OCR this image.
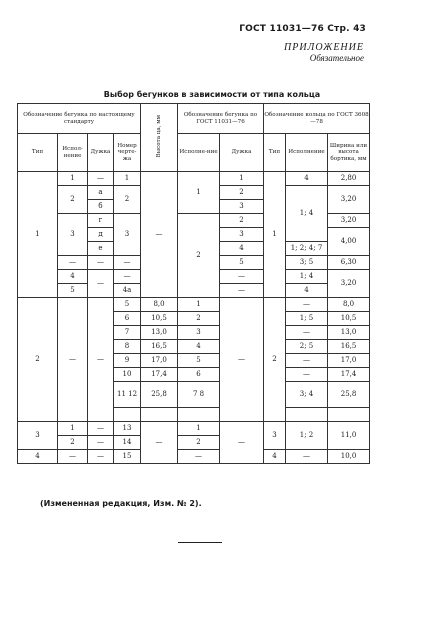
ГОСТ 11031—76 Стр. 43
ПРИЛОЖЕНИЕ
Обязательное
Выбор бегунков в зависимости от типа кольца
Обозначение бегунка по настоящему стандарту				Высота ца, мм	Обозначение бегунка по ГОСТ 11031—76		Обозначение кольца по ГОСТ 3608—78		
Тип	Испол-нение	Дужка	Номер черте-жа		Исполне-ние	Дужка	Тип	Исполнение	Ширина или высота бортика, мм
1	1	—	1	—	1	1	1	4	2,80
	2	а	2			2		1; 4	3,20
		б				3			
	3	г	3		2	2			3,20
		д				3			4,00
		е				4		1; 2; 4; 7	
	—	—	—			5		3; 5	6,30
	4	—	—			—		1; 4	3,20
	5		4а			—		4	
2	—	—	5	8,0	1	—	2	—	8,0
			6	10,5	2			1; 5	10,5
			7	13,0	3			—	13,0
			8	16,5	4			2; 5	16,5
			9	17,0	5			—	17,0
			10	17,4	6			—	17,4
			11 12	25,8	7 8			3; 4	25,8

3	1	—	13	—	1	—	3	1; 2	11,0
	2	—	14		2				
4	—	—	15		—		4	—	10,0
(Измененная редакция, Изм. № 2).
